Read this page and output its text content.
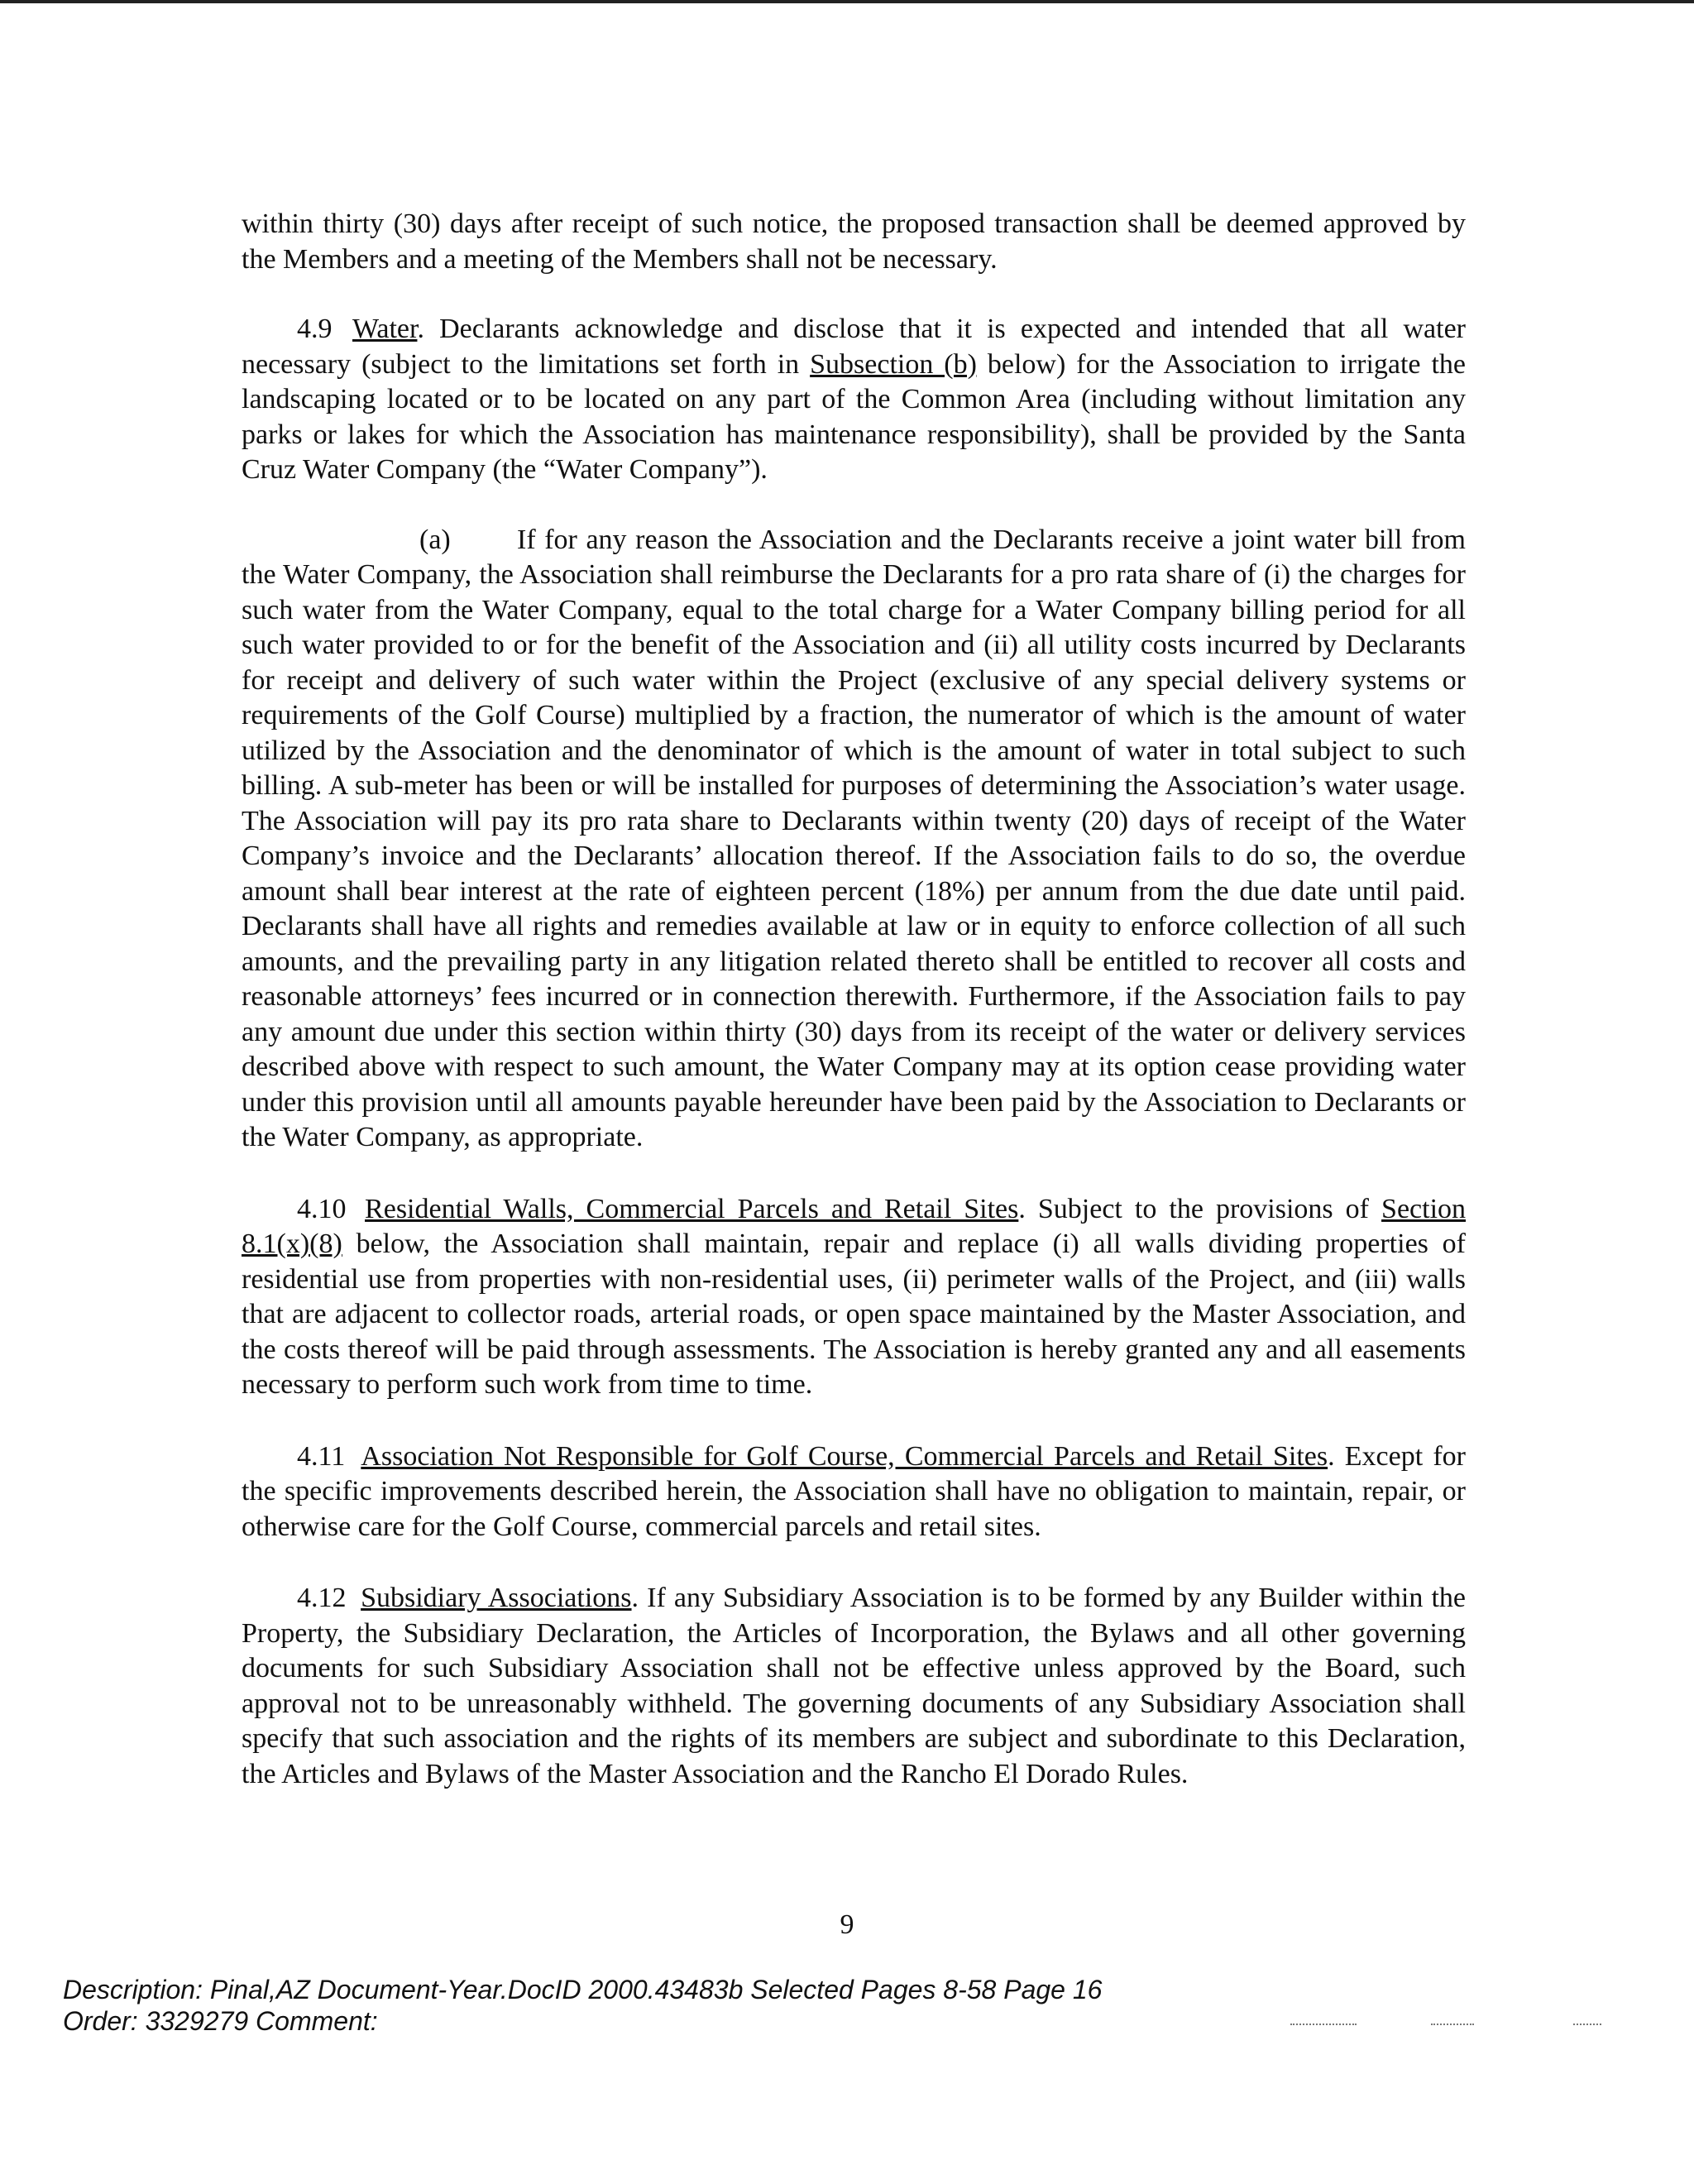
within thirty (30) days after receipt of such notice, the proposed transaction shall be deemed approved by the Members and a meeting of the Members shall not be necessary.

4.9 Water. Declarants acknowledge and disclose that it is expected and intended that all water necessary (subject to the limitations set forth in Subsection (b) below) for the Association to irrigate the landscaping located or to be located on any part of the Common Area (including without limitation any parks or lakes for which the Association has maintenance responsibility), shall be provided by the Santa Cruz Water Company (the “Water Company”).

(a) If for any reason the Association and the Declarants receive a joint water bill from the Water Company, the Association shall reimburse the Declarants for a pro rata share of (i) the charges for such water from the Water Company, equal to the total charge for a Water Company billing period for all such water provided to or for the benefit of the Association and (ii) all utility costs incurred by Declarants for receipt and delivery of such water within the Project (exclusive of any special delivery systems or requirements of the Golf Course) multiplied by a fraction, the numerator of which is the amount of water utilized by the Association and the denominator of which is the amount of water in total subject to such billing. A sub-meter has been or will be installed for purposes of determining the Association’s water usage. The Association will pay its pro rata share to Declarants within twenty (20) days of receipt of the Water Company’s invoice and the Declarants’ allocation thereof. If the Association fails to do so, the overdue amount shall bear interest at the rate of eighteen percent (18%) per annum from the due date until paid. Declarants shall have all rights and remedies available at law or in equity to enforce collection of all such amounts, and the prevailing party in any litigation related thereto shall be entitled to recover all costs and reasonable attorneys’ fees incurred or in connection therewith. Furthermore, if the Association fails to pay any amount due under this section within thirty (30) days from its receipt of the water or delivery services described above with respect to such amount, the Water Company may at its option cease providing water under this provision until all amounts payable hereunder have been paid by the Association to Declarants or the Water Company, as appropriate.

4.10 Residential Walls, Commercial Parcels and Retail Sites. Subject to the provisions of Section 8.1(x)(8) below, the Association shall maintain, repair and replace (i) all walls dividing properties of residential use from properties with non-residential uses, (ii) perimeter walls of the Project, and (iii) walls that are adjacent to collector roads, arterial roads, or open space maintained by the Master Association, and the costs thereof will be paid through assessments. The Association is hereby granted any and all easements necessary to perform such work from time to time.

4.11 Association Not Responsible for Golf Course, Commercial Parcels and Retail Sites. Except for the specific improvements described herein, the Association shall have no obligation to maintain, repair, or otherwise care for the Golf Course, commercial parcels and retail sites.

4.12 Subsidiary Associations. If any Subsidiary Association is to be formed by any Builder within the Property, the Subsidiary Declaration, the Articles of Incorporation, the Bylaws and all other governing documents for such Subsidiary Association shall not be effective unless approved by the Board, such approval not to be unreasonably withheld. The governing documents of any Subsidiary Association shall specify that such association and the rights of its members are subject and subordinate to this Declaration, the Articles and Bylaws of the Master Association and the Rancho El Dorado Rules.

9
Description: Pinal,AZ Document-Year.DocID 2000.43483b Selected Pages 8-58 Page 16
Order: 3329279 Comment:
